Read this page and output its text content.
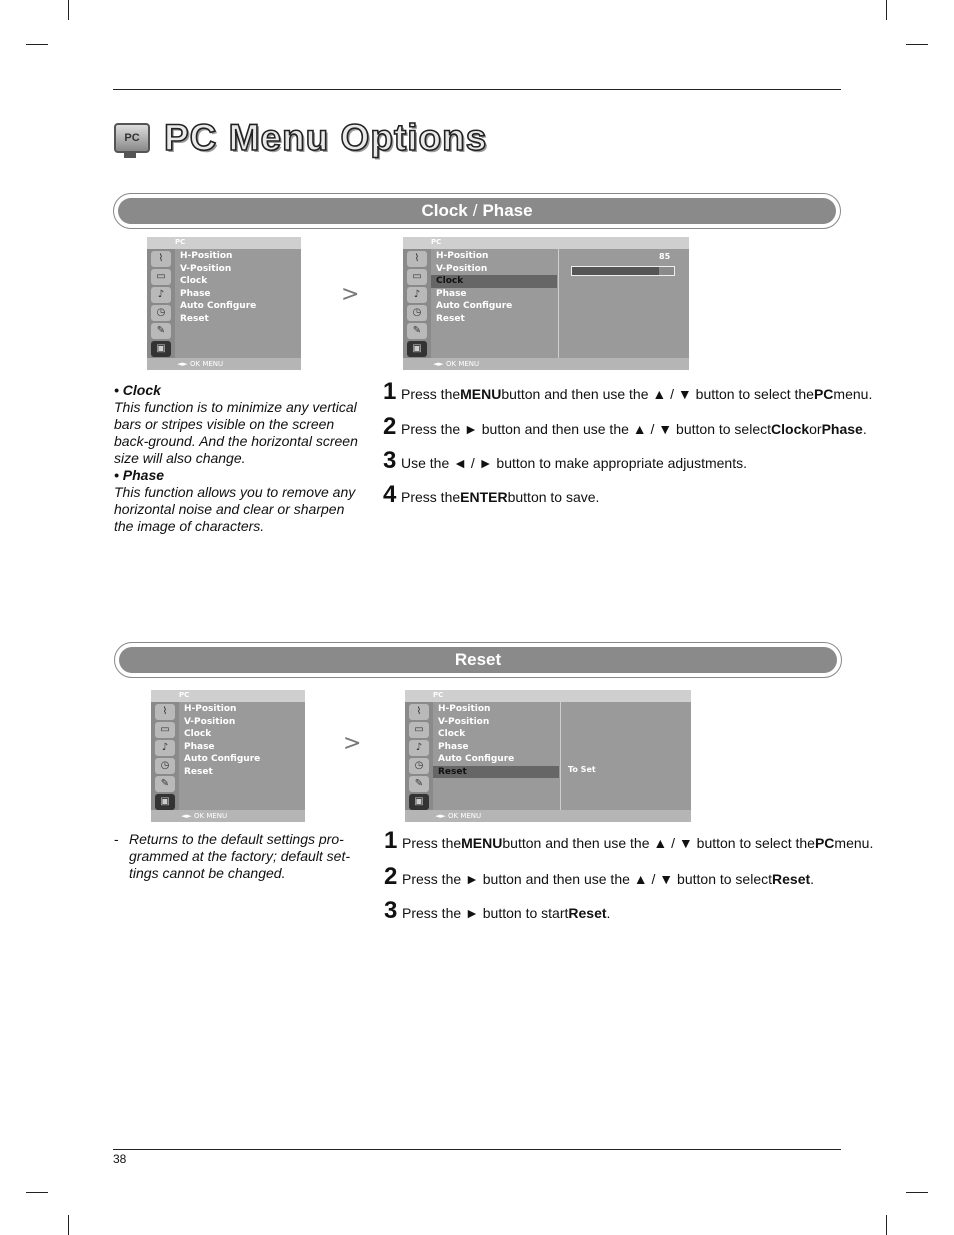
PC PC Menu Options
Clock / Phase
PC
⌇
▭
♪
◷
✎
▣
H-Position
V-Position
Clock
Phase
Auto Configure
Reset
◄► OK MENU
>
PC
⌇
▭
♪
◷
✎
▣
H-Position
V-Position
Clock
Phase
Auto Configure
Reset
85
◄► OK MENU
• Clock
This function is to minimize any vertical bars or stripes visible on the screen back-ground. And the horizontal screen size will also change.
• Phase
This function allows you to remove any horizontal noise and clear or sharpen the image of characters.
1 Press the MENU button and then use the ▲ / ▼ button to select the PC menu.
2 Press the ► button and then use the ▲ / ▼ button to select Clock or Phase .
3 Use the ◄ / ► button to make appropriate adjustments.
4 Press the ENTER button to save.
Reset
PC
⌇
▭
♪
◷
✎
▣
H-Position
V-Position
Clock
Phase
Auto Configure
Reset
◄► OK MENU
>
PC
⌇
▭
♪
◷
✎
▣
H-Position
V-Position
Clock
Phase
Auto Configure
Reset	To Set
◄► OK MENU
- Returns to the default settings pro-grammed at the factory; default set-tings cannot be changed.
1 Press the MENU button and then use the ▲ / ▼ button to select the PC menu.
2 Press the ► button and then use the ▲ / ▼ button to select Reset .
3 Press the ► button to start Reset .
38
